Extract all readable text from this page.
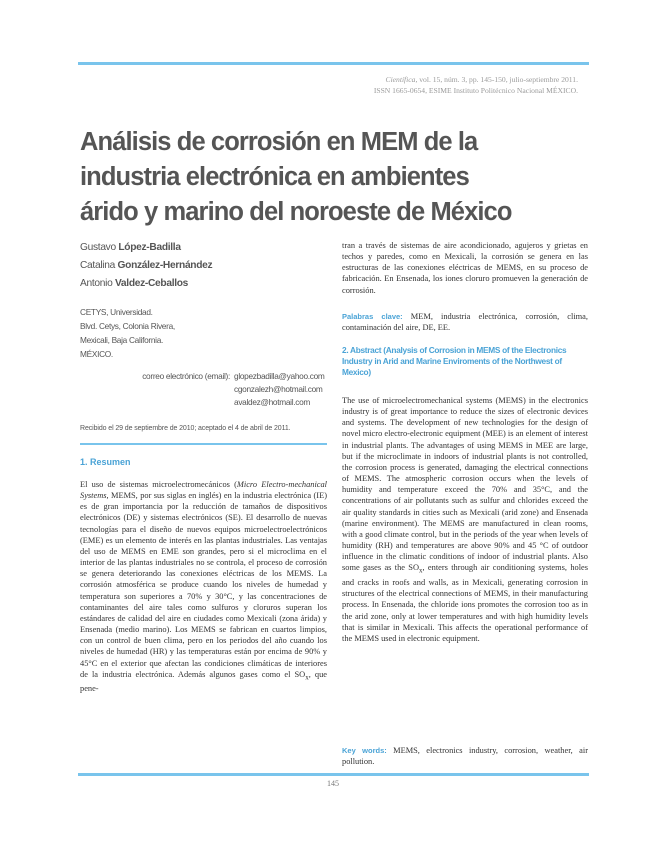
Científica, vol. 15, núm. 3, pp. 145-150, julio-septiembre 2011.
ISSN 1665-0654, ESIME Instituto Politécnico Nacional MÉXICO.
Análisis de corrosión en MEM de la
industria electrónica en ambientes
árido y marino del noroeste de México
Gustavo López-Badilla
Catalina González-Hernández
Antonio Valdez-Ceballos
CETYS, Universidad.
Blvd. Cetys, Colonia Rivera,
Mexicali, Baja California.
MÉXICO.
correo electrónico (email): glopezbadilla@yahoo.com
cgonzalezh@hotmail.com
avaldez@hotmail.com
Recibido el 29 de septiembre de 2010; aceptado el 4 de abril de 2011.
1. Resumen

El uso de sistemas microelectromecánicos (Micro Electro-mechanical Systems, MEMS, por sus siglas en inglés) en la industria electrónica (IE) es de gran importancia por la reducción de tamaños de dispositivos electrónicos (DE) y sistemas electrónicos (SE). El desarrollo de nuevas tecnologías para el diseño de nuevos equipos microelectroelectrónicos (EME) es un elemento de interés en las plantas industriales. Las ventajas del uso de MEMS en EME son grandes, pero si el microclima en el interior de las plantas industriales no se controla, el proceso de corrosión se genera deteriorando las conexiones eléctricas de los MEMS. La corrosión atmosférica se produce cuando los niveles de humedad y temperatura son superiores a 70% y 30°C, y las concentraciones de contaminantes del aire tales como sulfuros y cloruros superan los estándares de calidad del aire en ciudades como Mexicali (zona árida) y Ensenada (medio marino). Los MEMS se fabrican en cuartos limpios, con un control de buen clima, pero en los periodos del año cuando los niveles de humedad (HR) y las temperaturas están por encima de 90% y 45°C en el exterior que afectan las condiciones climáticas de interiores de la industria electrónica. Además algunos gases como el $SO_x$, que pene-

tran a través de sistemas de aire acondicionado, agujeros y grietas en techos y paredes, como en Mexicali, la corrosión se genera en las estructuras de las conexiones eléctricas de MEMS, en su proceso de fabricación. En Ensenada, los iones cloruro promueven la generación de corrosión.

Palabras clave: MEM, industria electrónica, corrosión, clima, contaminación del aire, DE, EE.
2. Abstract (Analysis of Corrosion in MEMS of the Electronics Industry in Arid and Marine Enviroments of the Northwest of Mexico)

The use of microelectromechanical systems (MEMS) in the electronics industry is of great importance to reduce the sizes of electronic devices and systems. The development of new technologies for the design of novel micro electro-electronic equipment (MEE) is an element of interest in industrial plants. The advantages of using MEMS in MEE are large, but if the microclimate in indoors of industrial plants is not controlled, the corrosion process is generated, damaging the electrical connections of MEMS. The atmospheric corrosion occurs when the levels of humidity and temperature exceed the 70% and 35°C, and the concentrations of air pollutants such as sulfur and chlorides exceed the air quality standards in cities such as Mexicali (arid zone) and Ensenada (marine environment). The MEMS are manufactured in clean rooms, with a good climate control, but in the periods of the year when levels of humidity (RH) and temperatures are above 90% and 45 °C of outdoor influence in the climatic conditions of indoor of industrial plants. Also some gases as the $SO_x$, enters through air conditioning systems, holes and cracks in roofs and walls, as in Mexicali, generating corrosion in structures of the electrical connections of MEMS, in their manufacturing process. In Ensenada, the chloride ions promotes the corrosion too as in the arid zone, only at lower temperatures and with high humidity levels that is similar in Mexicali. This affects the operational performance of the MEMS used in electronic equipment.

Key words: MEMS, electronics industry, corrosion, weather, air pollution.
145
